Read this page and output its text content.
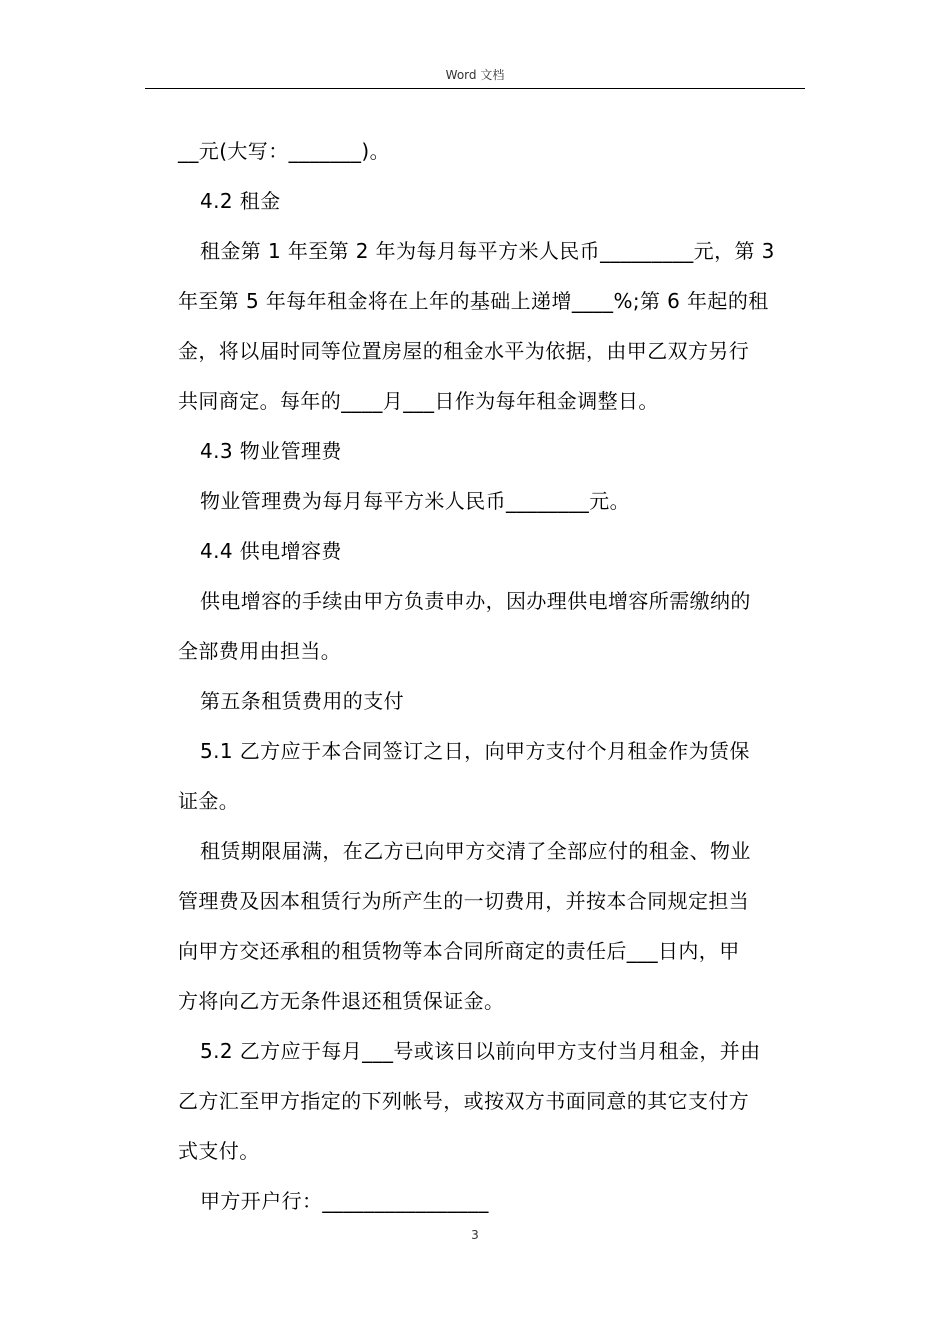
Word 文档

__元(大写：_______)。

4.2 租金

租金第 1 年至第 2 年为每月每平方米人民币_________元，第 3

年至第 5 年每年租金将在上年的基础上递增____%;第 6 年起的租

金，将以届时同等位置房屋的租金水平为依据，由甲乙双方另行

共同商定。每年的____月___日作为每年租金调整日。

4.3 物业管理费

物业管理费为每月每平方米人民币________元。

4.4 供电增容费

供电增容的手续由甲方负责申办，因办理供电增容所需缴纳的

全部费用由担当。

第五条租赁费用的支付

5.1 乙方应于本合同签订之日，向甲方支付个月租金作为赁保

证金。

租赁期限届满，在乙方已向甲方交清了全部应付的租金、物业

管理费及因本租赁行为所产生的一切费用，并按本合同规定担当

向甲方交还承租的租赁物等本合同所商定的责任后___日内，甲

方将向乙方无条件退还租赁保证金。

5.2 乙方应于每月___号或该日以前向甲方支付当月租金，并由

乙方汇至甲方指定的下列帐号，或按双方书面同意的其它支付方

式支付。

甲方开户行：________________

3
